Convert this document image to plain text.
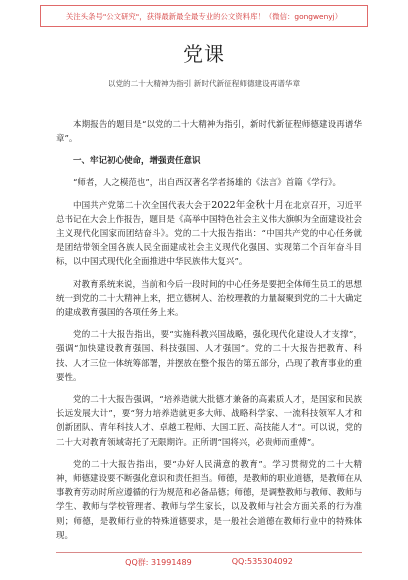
关注头条号"公文研究"，获得最新最全最专业的公文资料库！（微信：gongwenyj）
党课
以党的二十大精神为指引 新时代新征程师德建设再谱华章

本期报告的题目是“以党的二十大精神为指引，新时代新征程师德建设再谱华章”。

一、牢记初心使命，增强责任意识

“师者，人之模范也”，出自西汉著名学者扬雄的《法言》首篇《学行》。

中国共产党第二十次全国代表大会于2022年金秋十月在北京召开，习近平总书记在大会上作报告，题目是《高举中国特色社会主义伟大旗帜为全面建设社会主义现代化国家而团结奋斗》。党的二十大报告指出：“中国共产党的中心任务就是团结带领全国各族人民全面建成社会主义现代化强国、实现第二个百年奋斗目标，以中国式现代化全面推进中华民族伟大复兴”。

对教育系统来说，当前和今后一段时间的中心任务是要把全体师生员工的思想统一到党的二十大精神上来，把立德树人、治校理教的力量凝聚到党的二十大确定的建成教育强国的各项任务上来。

党的二十大报告指出，要“实施科教兴国战略，强化现代化建设人才支撑”，强调“加快建设教育强国、科技强国、人才强国”。党的二十大报告把教育、科技、人才三位一体统筹部署，并摆放在整个报告的第五部分，凸现了教育事业的重要性。

党的二十大报告强调，“培养造就大批德才兼备的高素质人才，是国家和民族长远发展大计”，要“努力培养造就更多大师、战略科学家、一流科技领军人才和创新团队、青年科技人才、卓越工程师、大国工匠、高技能人才”。可以说，党的二十大对教育领域寄托了无限期许。正所谓“国将兴，必贵师而重傅”。

党的二十大报告指出，要“办好人民满意的教育”。学习贯彻党的二十大精神，师德建设要不断强化意识和责任担当。师德，是教师的职业道德，是教师在从事教育劳动时所应遵循的行为规范和必备品德；师德，是调整教师与教师、教师与学生、教师与学校管理者、教师与学生家长，以及教师与社会方面关系的行为准则；师德，是教师行业的特殊道德要求，是一般社会道德在教师行业中的特殊体现。

QQ群: 31991489	QQ:535304092
